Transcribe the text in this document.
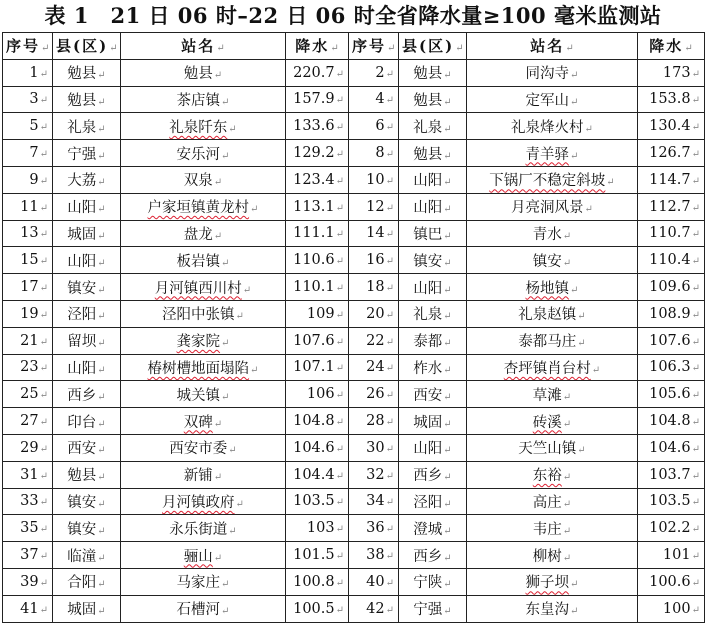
表 1　21 日 06 时–22 日 06 时全省降水量≥100 毫米监测站
序号↵	县(区)↵	站名↵	降水↵	序号↵	县(区)↵	站名↵	降水↵
1↵	勉县↵	勉县↵	220.7↵	2↵	勉县↵	同沟寺↵	173↵
3↵	勉县↵	茶店镇↵	157.9↵	4↵	勉县↵	定军山↵	153.8↵
5↵	礼泉↵	礼泉阡东↵	133.6↵	6↵	礼泉↵	礼泉烽火村↵	130.4↵
7↵	宁强↵	安乐河↵	129.2↵	8↵	勉县↵	青羊驿↵	126.7↵
9↵	大荔↵	双泉↵	123.4↵	10↵	山阳↵	下锅厂不稳定斜坡↵	114.7↵
11↵	山阳↵	户家垣镇黄龙村↵	113.1↵	12↵	山阳↵	月亮洞风景↵	112.7↵
13↵	城固↵	盘龙↵	111.1↵	14↵	镇巴↵	青水↵	110.7↵
15↵	山阳↵	板岩镇↵	110.6↵	16↵	镇安↵	镇安↵	110.4↵
17↵	镇安↵	月河镇西川村↵	110.1↵	18↵	山阳↵	杨地镇↵	109.6↵
19↵	泾阳↵	泾阳中张镇↵	109↵	20↵	礼泉↵	礼泉赵镇↵	108.9↵
21↵	留坝↵	龚家院↵	107.6↵	22↵	泰都↵	泰都马庄↵	107.6↵
23↵	山阳↵	椿树槽地面塌陷↵	107.1↵	24↵	柞水↵	杏坪镇肖台村↵	106.3↵
25↵	西乡↵	城关镇↵	106↵	26↵	西安↵	草滩↵	105.6↵
27↵	印台↵	双碑↵	104.8↵	28↵	城固↵	砖溪↵	104.8↵
29↵	西安↵	西安市委↵	104.6↵	30↵	山阳↵	天竺山镇↵	104.6↵
31↵	勉县↵	新铺↵	104.4↵	32↵	西乡↵	东裕↵	103.7↵
33↵	镇安↵	月河镇政府↵	103.5↵	34↵	泾阳↵	高庄↵	103.5↵
35↵	镇安↵	永乐街道↵	103↵	36↵	澄城↵	韦庄↵	102.2↵
37↵	临潼↵	骊山↵	101.5↵	38↵	西乡↵	柳树↵	101↵
39↵	合阳↵	马家庄↵	100.8↵	40↵	宁陕↵	狮子坝↵	100.6↵
41↵	城固↵	石槽河↵	100.5↵	42↵	宁强↵	东皇沟↵	100↵
